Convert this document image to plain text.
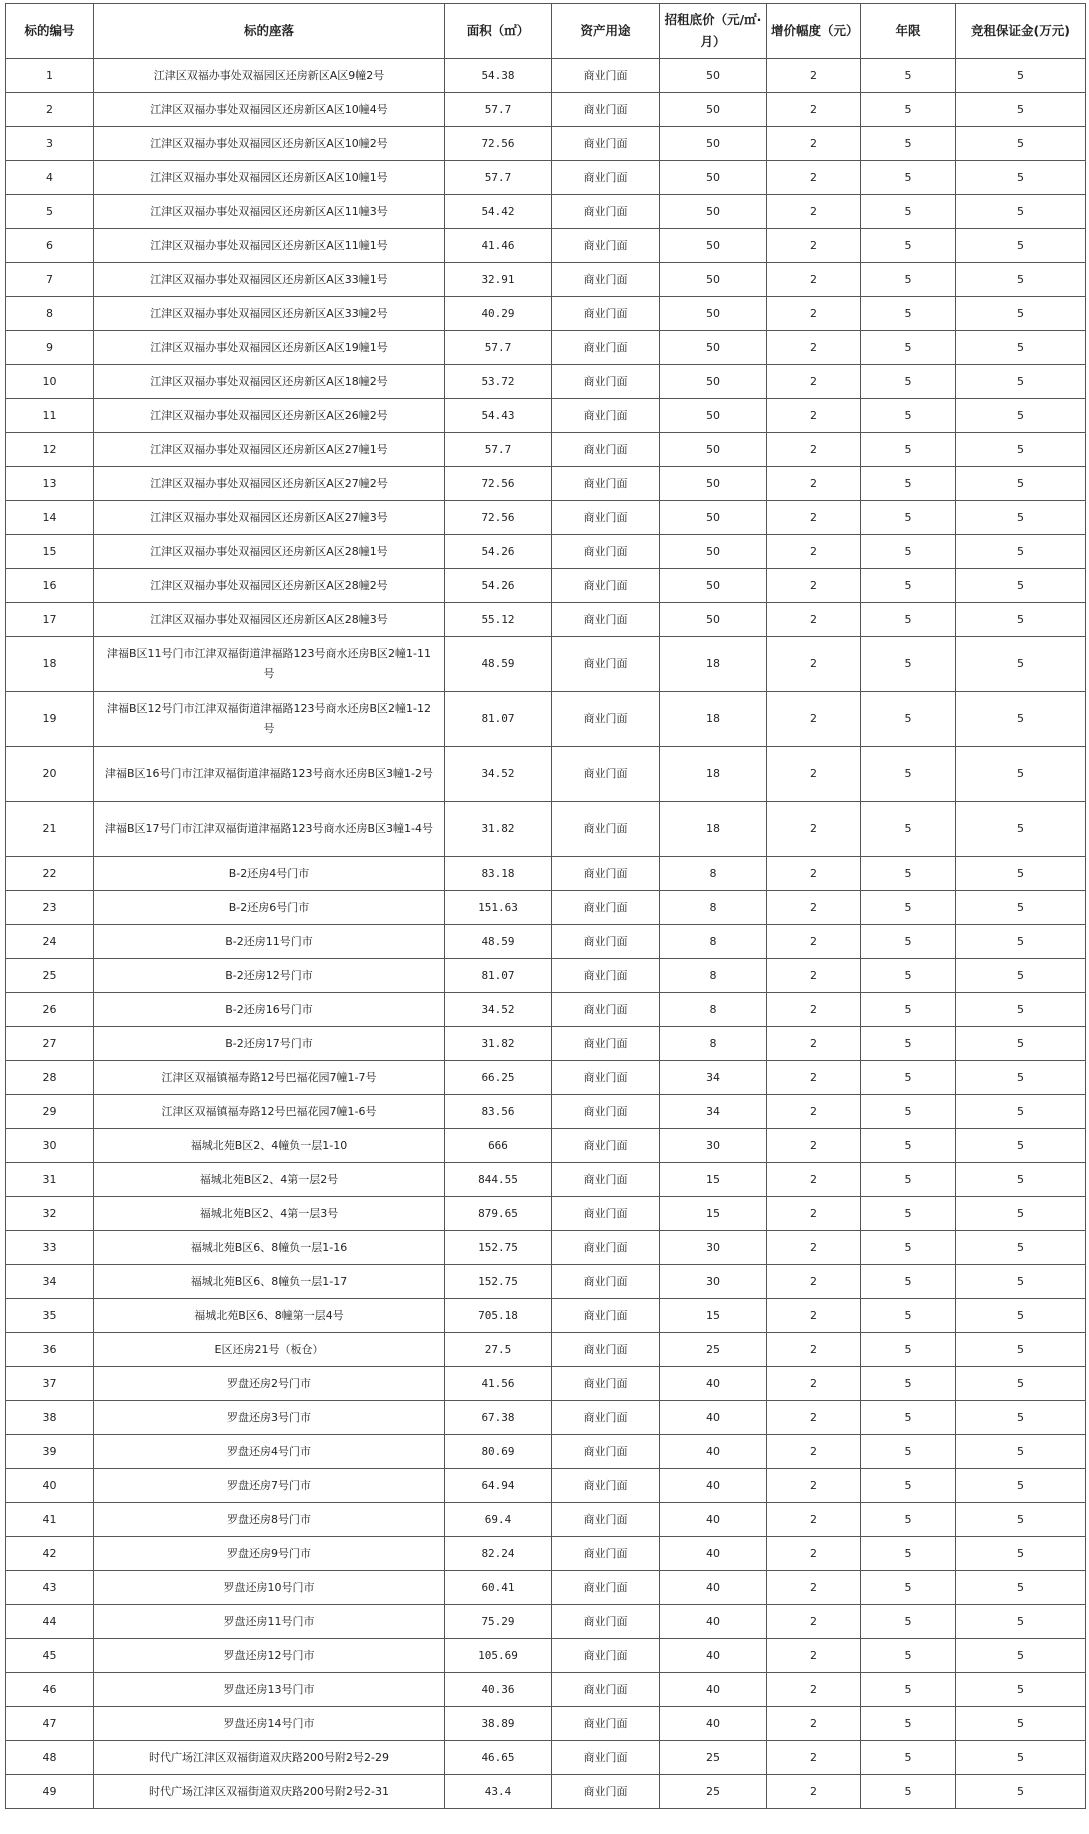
标的编号	标的座落	面积（㎡）	资产用途	招租底价（元/㎡·月）	增价幅度（元）	年限	竞租保证金(万元)
1	江津区双福办事处双福园区还房新区A区9幢2号	54.38	商业门面	50	2	5	5
2	江津区双福办事处双福园区还房新区A区10幢4号	57.7	商业门面	50	2	5	5
3	江津区双福办事处双福园区还房新区A区10幢2号	72.56	商业门面	50	2	5	5
4	江津区双福办事处双福园区还房新区A区10幢1号	57.7	商业门面	50	2	5	5
5	江津区双福办事处双福园区还房新区A区11幢3号	54.42	商业门面	50	2	5	5
6	江津区双福办事处双福园区还房新区A区11幢1号	41.46	商业门面	50	2	5	5
7	江津区双福办事处双福园区还房新区A区33幢1号	32.91	商业门面	50	2	5	5
8	江津区双福办事处双福园区还房新区A区33幢2号	40.29	商业门面	50	2	5	5
9	江津区双福办事处双福园区还房新区A区19幢1号	57.7	商业门面	50	2	5	5
10	江津区双福办事处双福园区还房新区A区18幢2号	53.72	商业门面	50	2	5	5
11	江津区双福办事处双福园区还房新区A区26幢2号	54.43	商业门面	50	2	5	5
12	江津区双福办事处双福园区还房新区A区27幢1号	57.7	商业门面	50	2	5	5
13	江津区双福办事处双福园区还房新区A区27幢2号	72.56	商业门面	50	2	5	5
14	江津区双福办事处双福园区还房新区A区27幢3号	72.56	商业门面	50	2	5	5
15	江津区双福办事处双福园区还房新区A区28幢1号	54.26	商业门面	50	2	5	5
16	江津区双福办事处双福园区还房新区A区28幢2号	54.26	商业门面	50	2	5	5
17	江津区双福办事处双福园区还房新区A区28幢3号	55.12	商业门面	50	2	5	5
18	津福B区11号门市江津双福街道津福路123号商水还房B区2幢1-11号	48.59	商业门面	18	2	5	5
19	津福B区12号门市江津双福街道津福路123号商水还房B区2幢1-12号	81.07	商业门面	18	2	5	5
20	津福B区16号门市江津双福街道津福路123号商水还房B区3幢1-2号	34.52	商业门面	18	2	5	5
21	津福B区17号门市江津双福街道津福路123号商水还房B区3幢1-4号	31.82	商业门面	18	2	5	5
22	B-2还房4号门市	83.18	商业门面	8	2	5	5
23	B-2还房6号门市	151.63	商业门面	8	2	5	5
24	B-2还房11号门市	48.59	商业门面	8	2	5	5
25	B-2还房12号门市	81.07	商业门面	8	2	5	5
26	B-2还房16号门市	34.52	商业门面	8	2	5	5
27	B-2还房17号门市	31.82	商业门面	8	2	5	5
28	江津区双福镇福寿路12号巴福花园7幢1-7号	66.25	商业门面	34	2	5	5
29	江津区双福镇福寿路12号巴福花园7幢1-6号	83.56	商业门面	34	2	5	5
30	福城北苑B区2、4幢负一层1-10	666	商业门面	30	2	5	5
31	福城北苑B区2、4第一层2号	844.55	商业门面	15	2	5	5
32	福城北苑B区2、4第一层3号	879.65	商业门面	15	2	5	5
33	福城北苑B区6、8幢负一层1-16	152.75	商业门面	30	2	5	5
34	福城北苑B区6、8幢负一层1-17	152.75	商业门面	30	2	5	5
35	福城北苑B区6、8幢第一层4号	705.18	商业门面	15	2	5	5
36	E区还房21号（板仓）	27.5	商业门面	25	2	5	5
37	罗盘还房2号门市	41.56	商业门面	40	2	5	5
38	罗盘还房3号门市	67.38	商业门面	40	2	5	5
39	罗盘还房4号门市	80.69	商业门面	40	2	5	5
40	罗盘还房7号门市	64.94	商业门面	40	2	5	5
41	罗盘还房8号门市	69.4	商业门面	40	2	5	5
42	罗盘还房9号门市	82.24	商业门面	40	2	5	5
43	罗盘还房10号门市	60.41	商业门面	40	2	5	5
44	罗盘还房11号门市	75.29	商业门面	40	2	5	5
45	罗盘还房12号门市	105.69	商业门面	40	2	5	5
46	罗盘还房13号门市	40.36	商业门面	40	2	5	5
47	罗盘还房14号门市	38.89	商业门面	40	2	5	5
48	时代广场江津区双福街道双庆路200号附2号2-29	46.65	商业门面	25	2	5	5
49	时代广场江津区双福街道双庆路200号附2号2-31	43.4	商业门面	25	2	5	5
